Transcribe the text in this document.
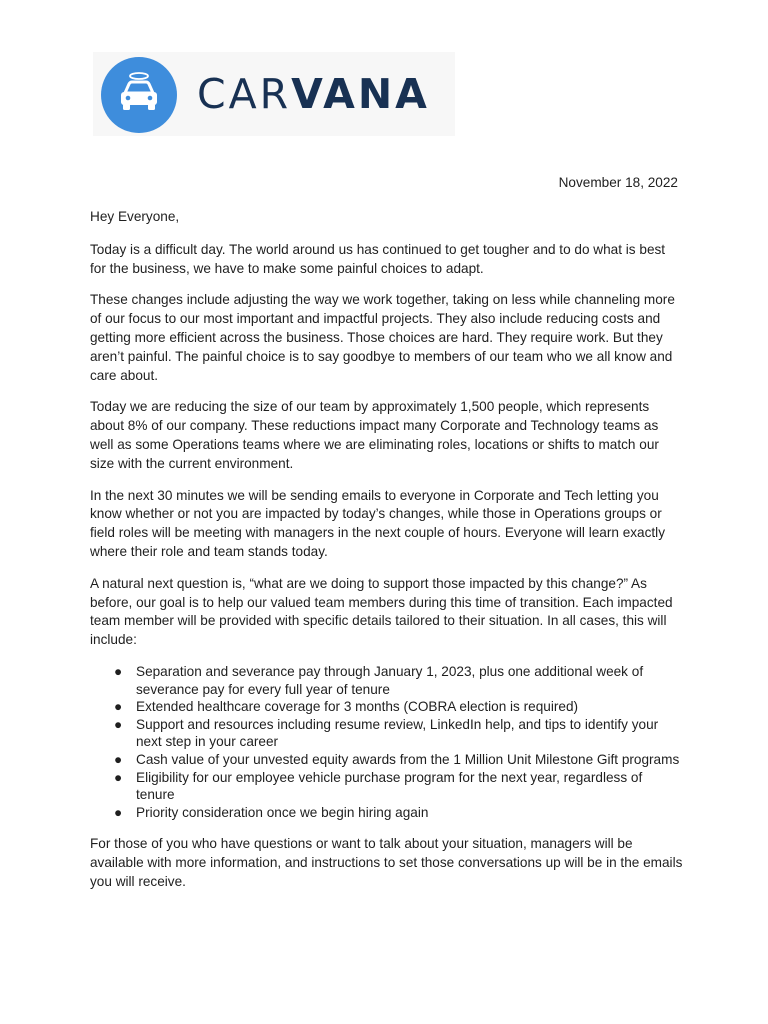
CARVANA
November 18, 2022

Hey Everyone,

Today is a difficult day. The world around us has continued to get tougher and to do what is best for the business, we have to make some painful choices to adapt.

These changes include adjusting the way we work together, taking on less while channeling more of our focus to our most important and impactful projects. They also include reducing costs and getting more efficient across the business. Those choices are hard. They require work. But they aren’t painful. The painful choice is to say goodbye to members of our team who we all know and care about.

Today we are reducing the size of our team by approximately 1,500 people, which represents about 8% of our company. These reductions impact many Corporate and Technology teams as well as some Operations teams where we are eliminating roles, locations or shifts to match our size with the current environment.

In the next 30 minutes we will be sending emails to everyone in Corporate and Tech letting you know whether or not you are impacted by today’s changes, while those in Operations groups or field roles will be meeting with managers in the next couple of hours. Everyone will learn exactly where their role and team stands today.

A natural next question is, “what are we doing to support those impacted by this change?” As before, our goal is to help our valued team members during this time of transition. Each impacted team member will be provided with specific details tailored to their situation. In all cases, this will include:

● Separation and severance pay through January 1, 2023, plus one additional week of severance pay for every full year of tenure
● Extended healthcare coverage for 3 months (COBRA election is required)
● Support and resources including resume review, LinkedIn help, and tips to identify your next step in your career
● Cash value of your unvested equity awards from the 1 Million Unit Milestone Gift programs
● Eligibility for our employee vehicle purchase program for the next year, regardless of tenure
● Priority consideration once we begin hiring again

For those of you who have questions or want to talk about your situation, managers will be available with more information, and instructions to set those conversations up will be in the emails you will receive.
